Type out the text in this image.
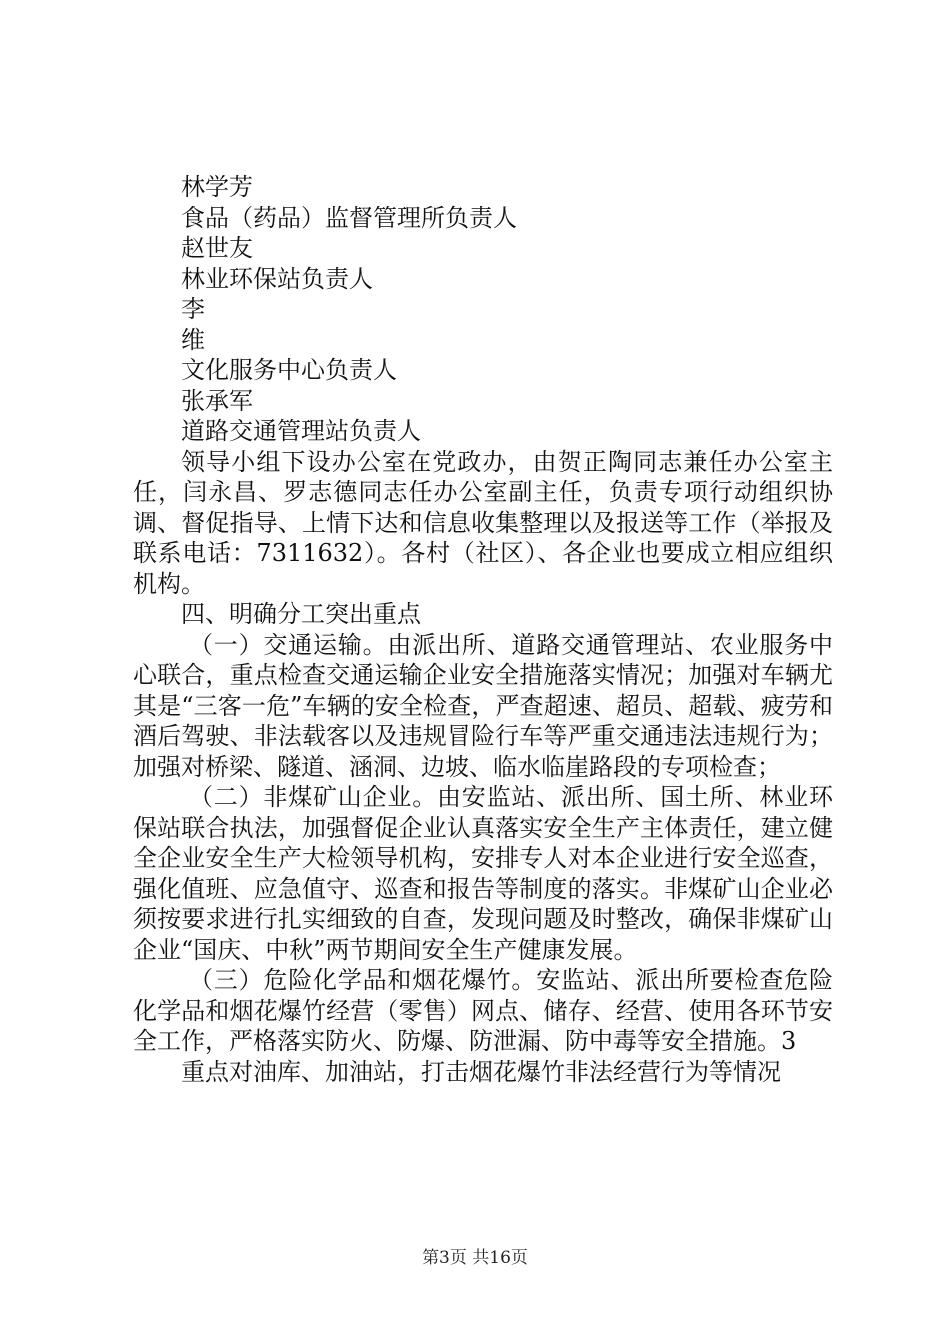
林学芳
食品（药品）监督管理所负责人
赵世友
林业环保站负责人
李
维
文化服务中心负责人
张承军
道路交通管理站负责人

领导小组下设办公室在党政办，由贺正陶同志兼任办公室主任，闫永昌、罗志德同志任办公室副主任，负责专项行动组织协调、督促指导、上情下达和信息收集整理以及报送等工作（举报及联系电话：7311632）。各村（社区）、各企业也要成立相应组织机构。

四、明确分工突出重点

（一）交通运输。由派出所、道路交通管理站、农业服务中心联合，重点检查交通运输企业安全措施落实情况；加强对车辆尤其是“三客一危”车辆的安全检查，严查超速、超员、超载、疲劳和酒后驾驶、非法载客以及违规冒险行车等严重交通违法违规行为；加强对桥梁、隧道、涵洞、边坡、临水临崖路段的专项检查；

（二）非煤矿山企业。由安监站、派出所、国土所、林业环保站联合执法，加强督促企业认真落实安全生产主体责任，建立健全企业安全生产大检领导机构，安排专人对本企业进行安全巡查，强化值班、应急值守、巡查和报告等制度的落实。非煤矿山企业必须按要求进行扎实细致的自查，发现问题及时整改，确保非煤矿山企业“国庆、中秋”两节期间安全生产健康发展。

（三）危险化学品和烟花爆竹。安监站、派出所要检查危险化学品和烟花爆竹经营（零售）网点、储存、经营、使用各环节安全工作，严格落实防火、防爆、防泄漏、防中毒等安全措施。3

重点对油库、加油站，打击烟花爆竹非法经营行为等情况

第3页 共16页
